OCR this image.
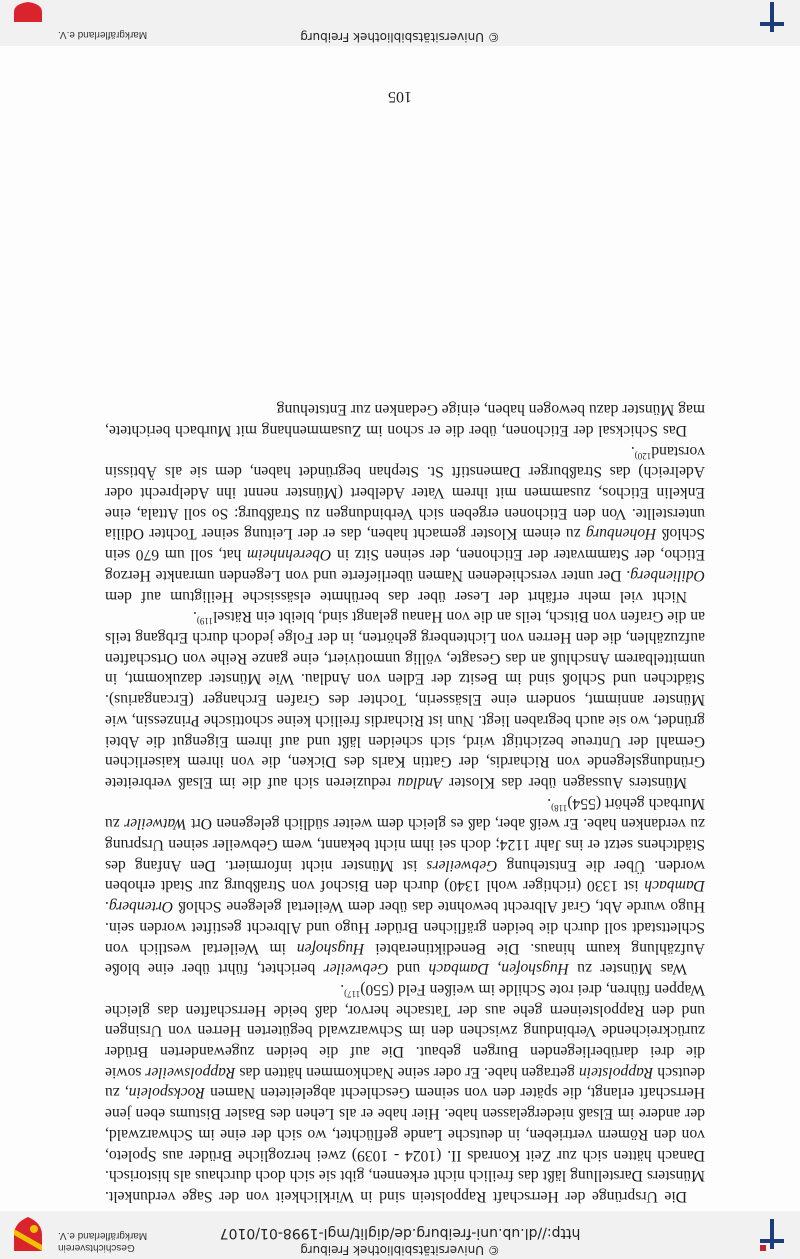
http://dl.ub.uni-freiburg.de/diglit/mgl-1998-01/0107
© Universitätsbibliothek Freiburg
Geschichtsverein
Markgräflerland e.V.

Die Ursprünge der Herrschaft Rappolstein sind in Wirklichkeit von der Sage verdunkelt. Münsters Darstellung läßt das freilich nicht erkennen, gibt sie sich doch durchaus als historisch. Danach hätten sich zur Zeit Konrads II. (1024 - 1039) zwei herzogliche Brüder aus Spoleto, von den Römern vertrieben, in deutsche Lande geflüchtet, wo sich der eine im Schwarzwald, der andere im Elsaß niedergelassen habe. Hier habe er als Lehen des Basler Bistums eben jene Herrschaft erlangt, die später den von seinem Geschlecht abgeleiteten Namen Rockspolein, zu deutsch Rappolstein getragen habe. Er oder seine Nachkommen hätten das Rappolsweiler sowie die drei darüberliegenden Burgen gebaut. Die auf die beiden zugewanderten Brüder zurückreichende Verbindung zwischen den im Schwarzwald begüterten Herren von Ursingen und den Rappolsteinern gehe aus der Tatsache hervor, daß beide Herrschaften das gleiche Wappen führen, drei rote Schilde im weißen Feld $(550)^{117)}$.

Was Münster zu Hugshofen, Dambach und Gebweiler berichtet, führt über eine bloße Aufzählung kaum hinaus. Die Benediktinerabtei Hugshofen im Weilertal westlich von Schlettstadt soll durch die beiden gräflichen Brüder Hugo und Albrecht gestiftet worden sein. Hugo wurde Abt, Graf Albrecht bewohnte das über dem Weilertal gelegene Schloß Ortenberg. Dambach ist 1330 (richtiger wohl 1340) durch den Bischof von Straßburg zur Stadt erhoben worden. Über die Entstehung Gebweilers ist Münster nicht informiert. Den Anfang des Städtchens setzt er ins Jahr 1124; doch sei ihm nicht bekannt, wem Gebweiler seinen Ursprung zu verdanken habe. Er weiß aber, daß es gleich dem weiter südlich gelegenen Ort Watweiler zu Murbach gehört $(554)^{118)}$.

Münsters Aussagen über das Kloster Andlau reduzieren sich auf die im Elsaß verbreitete Gründungslegende von Richardis, der Gattin Karls des Dicken, die von ihrem kaiserlichen Gemahl der Untreue bezichtigt wird, sich scheiden läßt und auf ihrem Eigengut die Abtei gründet, wo sie auch begraben liegt. Nun ist Richardis freilich keine schottische Prinzessin, wie Münster annimmt, sondern eine Elsässerin, Tochter des Grafen Erchanger (Ercangarius). Städtchen und Schloß sind im Besitz der Edlen von Andlau. Wie Münster dazukommt, in unmittelbarem Anschluß an das Gesagte, völlig unmotiviert, eine ganze Reihe von Ortschaften aufzuzählen, die den Herren von Lichtenberg gehörten, in der Folge jedoch durch Erbgang teils an die Grafen von Bitsch, teils an die von Hanau gelangt sind, bleibt ein Rätsel$^{119)}$.

Nicht viel mehr erfährt der Leser über das berühmte elsässische Heiligtum auf dem Odilienberg. Der unter verschiedenen Namen überlieferte und von Legenden umrankte Herzog Eticho, der Stammvater der Etichonen, der seinen Sitz in Oberehnheim hat, soll um 670 sein Schloß Hohenburg zu einem Kloster gemacht haben, das er der Leitung seiner Tochter Odilia unterstellte. Von den Etichonen ergeben sich Verbindungen zu Straßburg: So soll Attala, eine Enkelin Etichos, zusammen mit ihrem Vater Adelbert (Münster nennt ihn Adelprecht oder Adelreich) das Straßburger Damenstift St. Stephan begründet haben, dem sie als Äbtissin vorstand$^{120)}$.

Das Schicksal der Etichonen, über die er schon im Zusammenhang mit Murbach berichtete, mag Münster dazu bewogen haben, einige Gedanken zur Entstehung

105
© Universitätsbibliothek Freiburg
Markgräflerland e.V.
